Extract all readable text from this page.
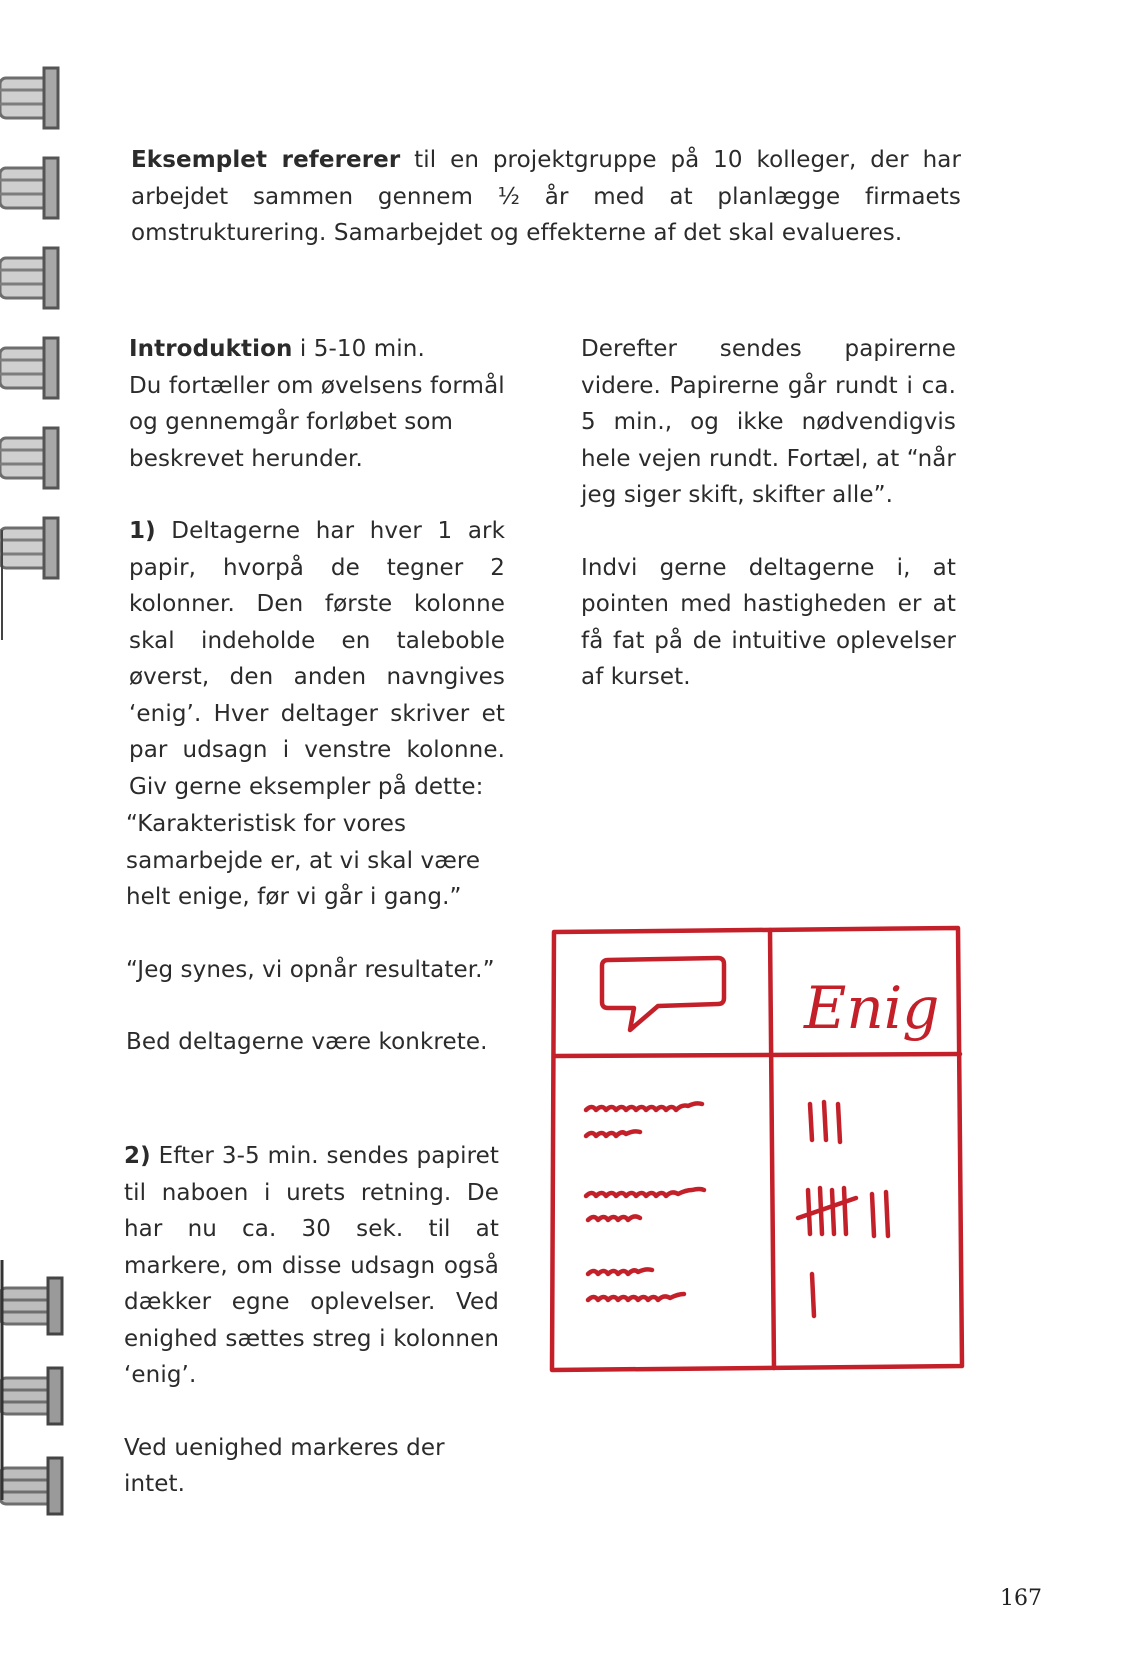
Eksemplet refererer til en projektgruppe på 10 kolleger, der har arbejdet sammen gennem ½ år med at planlægge firmaets omstrukturering. Samarbejdet og effekterne af det skal evalueres.

Introduktion i 5-10 min.

Du fortæller om øvelsens formål og gennemgår forløbet som beskrevet herunder.

1) Deltagerne har hver 1 ark papir, hvorpå de tegner 2 kolonner. Den første kolonne skal indeholde en taleboble øverst, den anden navngives ‘enig’. Hver deltager skriver et par udsagn i venstre kolonne. Giv gerne eksempler på dette:

“Karakteristisk for vores samarbejde er, at vi skal være helt enige, før vi går i gang.”

“Jeg synes, vi opnår resultater.”

Bed deltagerne være konkrete.

2) Efter 3-5 min. sendes papiret til naboen i urets retning. De har nu ca. 30 sek. til at markere, om disse udsagn også dækker egne oplevelser. Ved enighed sættes streg i kolonnen ‘enig’.

Ved uenighed markeres der intet.

Derefter sendes papirerne videre. Papirerne går rundt i ca. 5 min., og ikke nødvendigvis hele vejen rundt. Fortæl, at “når jeg siger skift, skifter alle”.

Indvi gerne deltagerne i, at pointen med hastigheden er at få fat på de intuitive oplevelser af kurset.

Enig
167
